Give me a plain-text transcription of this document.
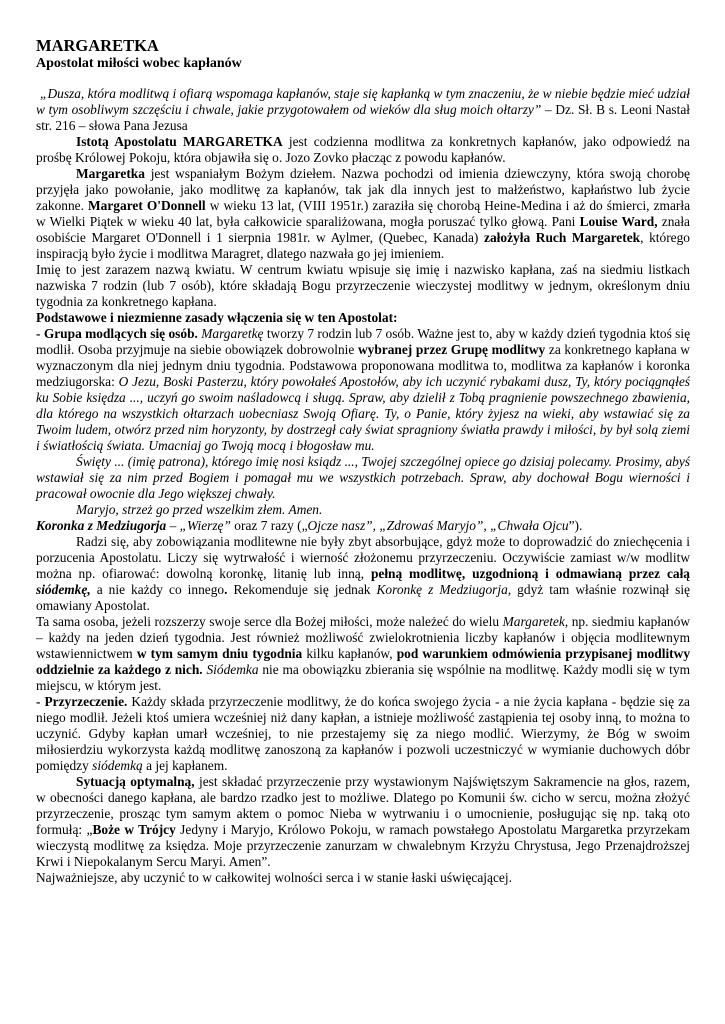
MARGARETKA
Apostolat miłości wobec kapłanów

„Dusza, która modlitwą i ofiarą wspomaga kapłanów, staje się kapłanką w tym znaczeniu, że w niebie będzie mieć udział w tym osobliwym szczęściu i chwale, jakie przygotowałem od wieków dla sług moich ołtarzy” – Dz. Sł. B s. Leoni Nastał str. 216 – słowa Pana Jezusa

Istotą Apostolatu MARGARETKA jest codzienna modlitwa za konkretnych kapłanów, jako odpowiedź na prośbę Królowej Pokoju, która objawiła się o. Jozo Zovko płacząc z powodu kapłanów.

Margaretka jest wspaniałym Bożym dziełem. Nazwa pochodzi od imienia dziewczyny, która swoją chorobę przyjęła jako powołanie, jako modlitwę za kapłanów, tak jak dla innych jest to małżeństwo, kapłaństwo lub życie zakonne. Margaret O'Donnell w wieku 13 lat, (VIII 1951r.) zaraziła się chorobą Heine-Medina i aż do śmierci, zmarła w Wielki Piątek w wieku 40 lat, była całkowicie sparaliżowana, mogła poruszać tylko głową. Pani Louise Ward, znała osobiście Margaret O'Donnell i 1 sierpnia 1981r. w Aylmer, (Quebec, Kanada) założyła Ruch Margaretek, którego inspiracją było życie i modlitwa Maragret, dlatego nazwała go jej imieniem.

Imię to jest zarazem nazwą kwiatu. W centrum kwiatu wpisuje się imię i nazwisko kapłana, zaś na siedmiu listkach nazwiska 7 rodzin (lub 7 osób), które składają Bogu przyrzeczenie wieczystej modlitwy w jednym, określonym dniu tygodnia za konkretnego kapłana.

Podstawowe i niezmienne zasady włączenia się w ten Apostolat:

- Grupa modlących się osób. Margaretkę tworzy 7 rodzin lub 7 osób. Ważne jest to, aby w każdy dzień tygodnia ktoś się modlił. Osoba przyjmuje na siebie obowiązek dobrowolnie wybranej przez Grupę modlitwy za konkretnego kapłana w wyznaczonym dla niej jednym dniu tygodnia. Podstawowa proponowana modlitwa to, modlitwa za kapłanów i koronka medziugorska: O Jezu, Boski Pasterzu, który powołałeś Apostołów, aby ich uczynić rybakami dusz, Ty, który pociągnąłeś ku Sobie księdza ..., uczyń go swoim naśladowcą i sługą. Spraw, aby dzielił z Tobą pragnienie powszechnego zbawienia, dla którego na wszystkich ołtarzach uobecniasz Swoją Ofiarę. Ty, o Panie, który żyjesz na wieki, aby wstawiać się za Twoim ludem, otwórz przed nim horyzonty, by dostrzegł cały świat spragniony światła prawdy i miłości, by był solą ziemi i światłością świata. Umacniaj go Twoją mocą i błogosław mu.

Święty ... (imię patrona), którego imię nosi ksiądz ..., Twojej szczególnej opiece go dzisiaj polecamy. Prosimy, abyś wstawiał się za nim przed Bogiem i pomagał mu we wszystkich potrzebach. Spraw, aby dochował Bogu wierności i pracował owocnie dla Jego większej chwały.

Maryjo, strzeż go przed wszelkim złem. Amen.

Koronka z Medziugorja – „Wierzę” oraz 7 razy („Ojcze nasz”, „Zdrowaś Maryjo”, „Chwała Ojcu”).

Radzi się, aby zobowiązania modlitewne nie były zbyt absorbujące, gdyż może to doprowadzić do zniechęcenia i porzucenia Apostolatu. Liczy się wytrwałość i wierność złożonemu przyrzeczeniu. Oczywiście zamiast w/w modlitw można np. ofiarować: dowolną koronkę, litanię lub inną, pełną modlitwę, uzgodnioną i odmawianą przez całą siódemkę, a nie każdy co innego. Rekomenduje się jednak Koronkę z Medziugorja, gdyż tam właśnie rozwinął się omawiany Apostolat.

Ta sama osoba, jeżeli rozszerzy swoje serce dla Bożej miłości, może należeć do wielu Margaretek, np. siedmiu kapłanów – każdy na jeden dzień tygodnia. Jest również możliwość zwielokrotnienia liczby kapłanów i objęcia modlitewnym wstawiennictwem w tym samym dniu tygodnia kilku kapłanów, pod warunkiem odmówienia przypisanej modlitwy oddzielnie za każdego z nich. Siódemka nie ma obowiązku zbierania się wspólnie na modlitwę. Każdy modli się w tym miejscu, w którym jest.

- Przyrzeczenie. Każdy składa przyrzeczenie modlitwy, że do końca swojego życia - a nie życia kapłana - będzie się za niego modlił. Jeżeli ktoś umiera wcześniej niż dany kapłan, a istnieje możliwość zastąpienia tej osoby inną, to można to uczynić. Gdyby kapłan umarł wcześniej, to nie przestajemy się za niego modlić. Wierzymy, że Bóg w swoim miłosierdziu wykorzysta każdą modlitwę zanoszoną za kapłanów i pozwoli uczestniczyć w wymianie duchowych dóbr pomiędzy siódemką a jej kapłanem.

Sytuacją optymalną, jest składać przyrzeczenie przy wystawionym Najświętszym Sakramencie na głos, razem, w obecności danego kapłana, ale bardzo rzadko jest to możliwe. Dlatego po Komunii św. cicho w sercu, można złożyć przyrzeczenie, prosząc tym samym aktem o pomoc Nieba w wytrwaniu i o umocnienie, posługując się np. taką oto formułą: „Boże w Trójcy Jedyny i Maryjo, Królowo Pokoju, w ramach powstałego Apostolatu Margaretka przyrzekam wieczystą modlitwę za księdza. Moje przyrzeczenie zanurzam w chwalebnym Krzyżu Chrystusa, Jego Przenajdroższej Krwi i Niepokalanym Sercu Maryi. Amen”.

Najważniejsze, aby uczynić to w całkowitej wolności serca i w stanie łaski uświęcającej.
